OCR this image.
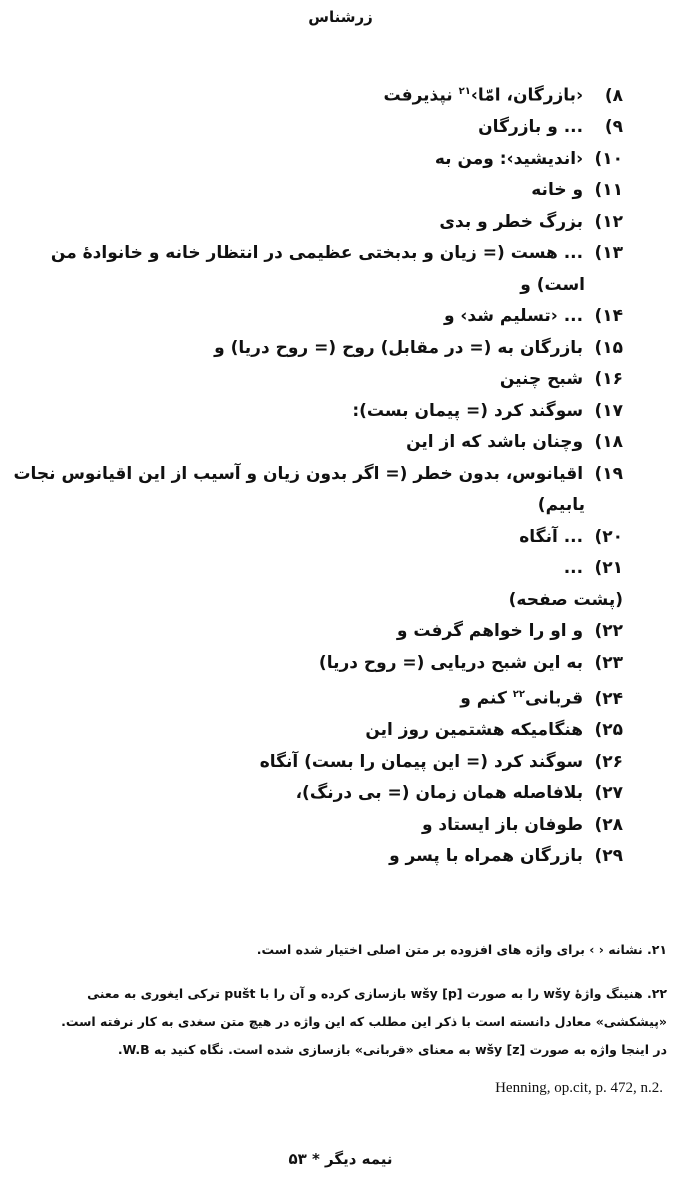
زرشناس
۸) ‹بازرگان، امّا›$^{۲۱}$ نپذیرفت
۹) ... و بازرگان
۱۰) ‹اندیشید›: ومن به
۱۱) و خانه
۱۲) بزرگ خطر و بدی
۱۳) ... هست (= زیان و بدبختی عظیمی در انتظار خانه و خانوادهٔ من
است) و
۱۴) ... ‹تسلیم شد› و
۱۵) بازرگان به (= در مقابل) روح (= روح دریا) و
۱۶) شبح چنین
۱۷) سوگند کرد (= پیمان بست):
۱۸) وچنان باشد که از این
۱۹) اقیانوس، بدون خطر (= اگر بدون زیان و آسیب از این اقیانوس نجات
یابیم)
۲۰) ... آنگاه
۲۱) ...
(پشت صفحه)
۲۲) و او را خواهم گرفت و
۲۳) به این شبح دریایی (= روح دریا)
۲۴) قربانی$^{۲۲}$ کنم و
۲۵) هنگامیکه هشتمین روز این
۲۶) سوگند کرد (= این پیمان را بست) آنگاه
۲۷) بلافاصله همان زمان (= بی درنگ)،
۲۸) طوفان باز ایستاد و
۲۹) بازرگان همراه با پسر و
۲۱. نشانه ‹ › برای واژه های افزوده بر متن اصلی اختیار شده است.
۲۲. هنینگ واژهٔ wšy را به صورت wšy [p] بازسازی کرده و آن را با pušt ترکی ایغوری به معنی
«پیشکشی» معادل دانسته است با ذکر این مطلب که این واژه در هیچ متن سغدی به کار نرفته است.
در اینجا واژه به صورت wšy [z] به معنای «قربانی» بازسازی شده است. نگاه کنید به W.B.
Henning, op.cit, p. 472, n.2.
نیمه دیگر * ۵۳
